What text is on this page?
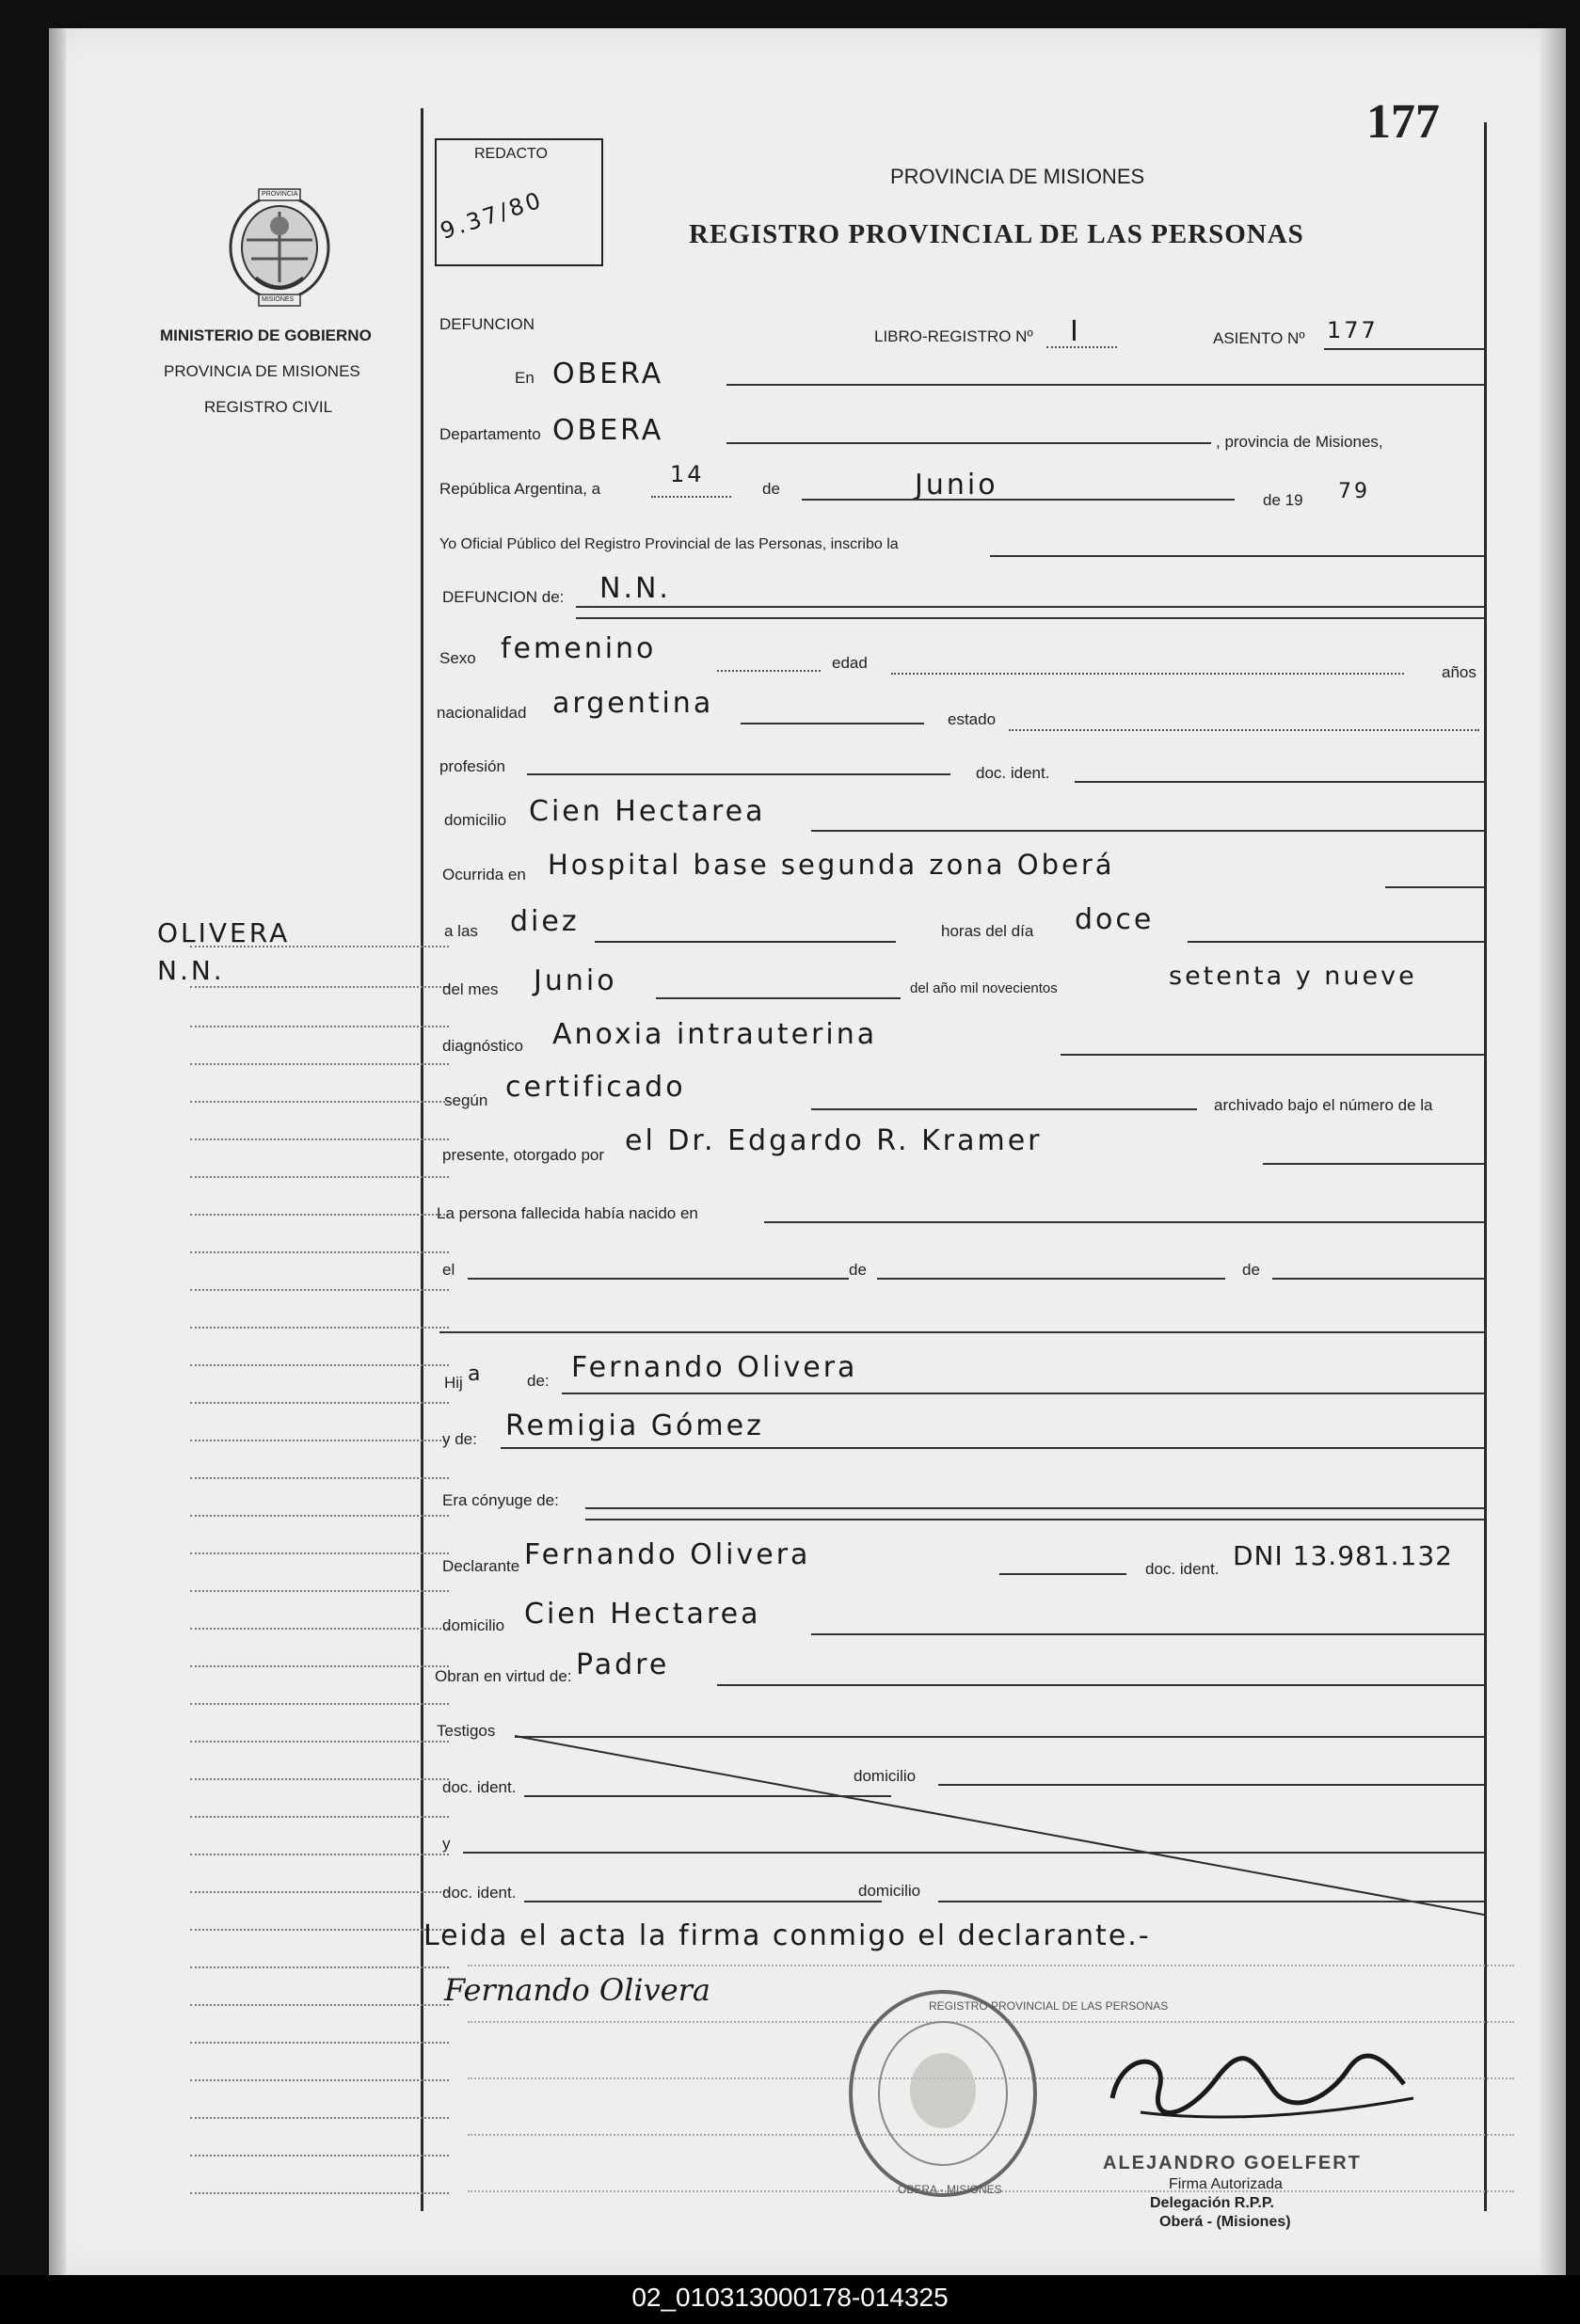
177
REDACTO
9.37/80
PROVINCIA DE MISIONES
REGISTRO PROVINCIAL DE LAS PERSONAS
PROVINCIA
MISIONES
MINISTERIO DE GOBIERNO
PROVINCIA DE MISIONES
REGISTRO CIVIL
OLIVERA
N.N.
DEFUNCION
LIBRO-REGISTRO Nº I	ASIENTO Nº 177
En OBERA
Departamento OBERA	, provincia de Misiones,
República Argentina, a
14
de	Junio	de 19 79
Yo Oficial Público del Registro Provincial de las Personas, inscribo la
DEFUNCION de: N.N.
Sexo femenino	edad
años
nacionalidad argentina	estado
profesión	doc. ident.
domicilio Cien Hectarea
Ocurrida en Hospital base segunda zona Oberá
a las diez	horas del día doce
del mes Junio	del año mil novecientos	setenta y nueve
diagnóstico Anoxia intrauterina
según certificado
archivado bajo el número de la
presente, otorgado por el Dr. Edgardo R. Kramer
La persona fallecida había nacido en
el	de	de
Hij a	de: Fernando Olivera
y de: Remigia Gómez
Era cónyuge de:
Declarante Fernando Olivera	doc. ident. DNI 13.981.132
domicilio Cien Hectarea
Obran en virtud de: Padre
Testigos
doc. ident.
domicilio
y
doc. ident.	domicilio
Leida el acta la firma conmigo el declarante.-
Fernando Olivera	REGISTRO PROVINCIAL DE LAS PERSONAS
OBERA - MISIONES
ALEJANDRO GOELFERT
Firma Autorizada
Delegación R.P.P.
Oberá - (Misiones)
02_010313000178-014325
